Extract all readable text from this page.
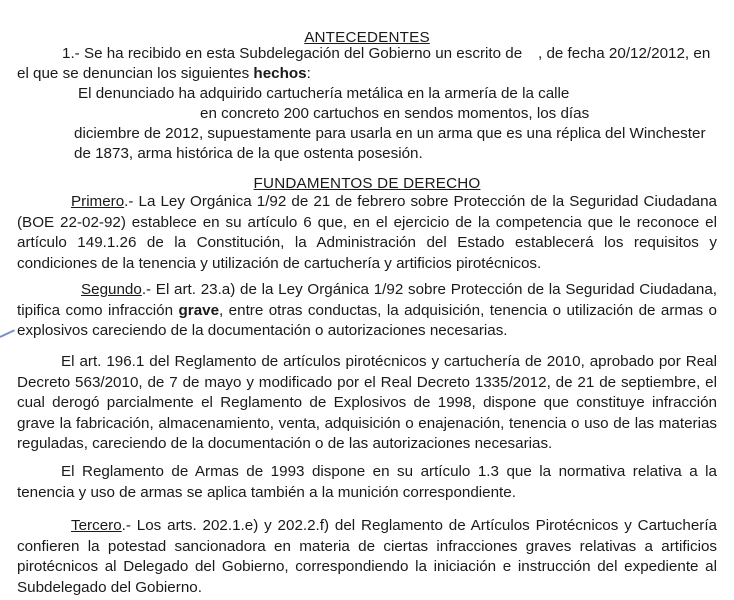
ANTECEDENTES
1.- Se ha recibido en esta Subdelegación del Gobierno un escrito de , de fecha 20/12/2012, en
el que se denuncian los siguientes hechos:
El denunciado ha adquirido cartuchería metálica en la armería de la calle
en concreto 200 cartuchos en sendos momentos, los días
diciembre de 2012, supuestamente para usarla en un arma que es una réplica del Winchester
de 1873, arma histórica de la que ostenta posesión.
FUNDAMENTOS DE DERECHO
Primero.- La Ley Orgánica 1/92 de 21 de febrero sobre Protección de la Seguridad Ciudadana (BOE 22-02-92) establece en su artículo 6 que, en el ejercicio de la competencia que le reconoce el artículo 149.1.26 de la Constitución, la Administración del Estado establecerá los requisitos y condiciones de la tenencia y utilización de cartuchería y artificios pirotécnicos.
Segundo.- El art. 23.a) de la Ley Orgánica 1/92 sobre Protección de la Seguridad Ciudadana, tipifica como infracción grave, entre otras conductas, la adquisición, tenencia o utilización de armas o explosivos careciendo de la documentación o autorizaciones necesarias.
El art. 196.1 del Reglamento de artículos pirotécnicos y cartuchería de 2010, aprobado por Real Decreto 563/2010, de 7 de mayo y modificado por el Real Decreto 1335/2012, de 21 de septiembre, el cual derogó parcialmente el Reglamento de Explosivos de 1998, dispone que constituye infracción grave la fabricación, almacenamiento, venta, adquisición o enajenación, tenencia o uso de las materias reguladas, careciendo de la documentación o de las autorizaciones necesarias.
El Reglamento de Armas de 1993 dispone en su artículo 1.3 que la normativa relativa a la tenencia y uso de armas se aplica también a la munición correspondiente.
Tercero.- Los arts. 202.1.e) y 202.2.f) del Reglamento de Artículos Pirotécnicos y Cartuchería confieren la potestad sancionadora en materia de ciertas infracciones graves relativas a artificios pirotécnicos al Delegado del Gobierno, correspondiendo la iniciación e instrucción del expediente al Subdelegado del Gobierno.
